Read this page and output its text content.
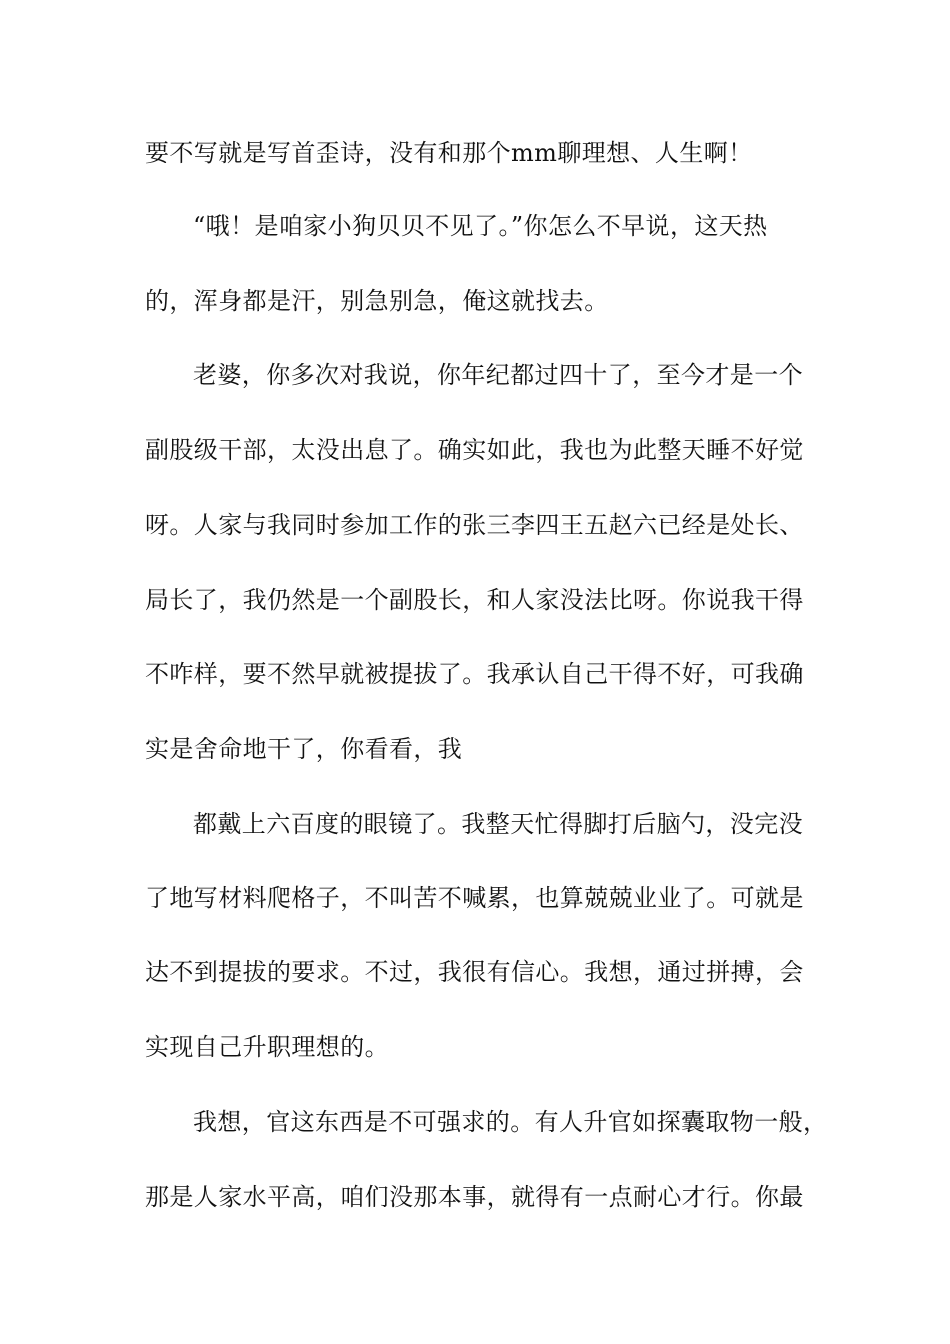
要不写就是写首歪诗，没有和那个mm聊理想、人生啊！
“哦！是咱家小狗贝贝不见了。”你怎么不早说，这天热
的，浑身都是汗，别急别急，俺这就找去。
老婆，你多次对我说，你年纪都过四十了，至今才是一个
副股级干部，太没出息了。确实如此，我也为此整天睡不好觉
呀。人家与我同时参加工作的张三李四王五赵六已经是处长、
局长了，我仍然是一个副股长，和人家没法比呀。你说我干得
不咋样，要不然早就被提拔了。我承认自己干得不好，可我确
实是舍命地干了，你看看，我
都戴上六百度的眼镜了。我整天忙得脚打后脑勺，没完没
了地写材料爬格子，不叫苦不喊累，也算兢兢业业了。可就是
达不到提拔的要求。不过，我很有信心。我想，通过拼搏，会
实现自己升职理想的。
我想，官这东西是不可强求的。有人升官如探囊取物一般，
那是人家水平高，咱们没那本事，就得有一点耐心才行。你最
